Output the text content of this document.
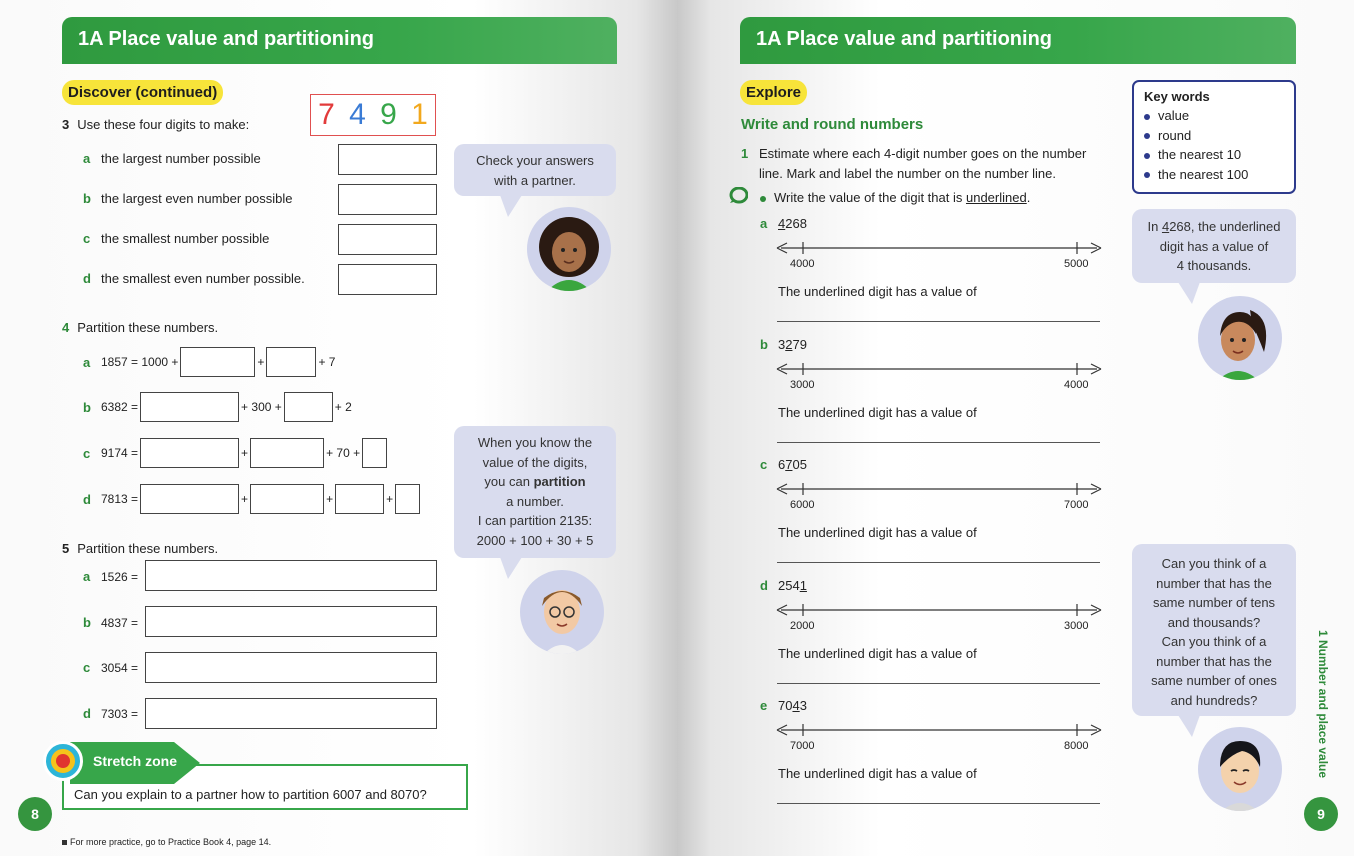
1A Place value and partitioning
Discover (continued)
3 Use these four digits to make: 7 4 9 1
a the largest number possible
b the largest even number possible
c the smallest number possible
d the smallest even number possible.
Check your answers with a partner.
4 Partition these numbers.
a 1857 = 1000 +	+	+ 7
b 6382 =	+ 300 +	+ 2
c 9174 =	+	+ 70 +
d 7813 =	+	+	+
When you know the
value of the digits,
you can partition
a number.
I can partition 2135:
2000 + 100 + 30 + 5
5 Partition these numbers.
a 1526 =
b 4837 =
c 3054 =
d 7303 =
Stretch zone
Can you explain to a partner how to partition 6007 and 8070?
8
For more practice, go to Practice Book 4, page 14.
1A Place value and partitioning
Explore
Write and round numbers
Key words
value
round
the nearest 10
the nearest 100
1 Estimate where each 4-digit number goes on the number
line. Mark and label the number on the number line.
Write the value of the digit that is underlined.
a 4268
4000	5000
The underlined digit has a value of
b 3279
3000	4000
The underlined digit has a value of
c 6705
6000	7000
The underlined digit has a value of
d 2541
2000	3000
The underlined digit has a value of
e 7043
7000	8000
The underlined digit has a value of
In 4268, the underlined
digit has a value of
4 thousands.
Can you think of a
number that has the
same number of tens
and thousands?
Can you think of a
number that has the
same number of ones
and hundreds?	1 Number and place value
9
